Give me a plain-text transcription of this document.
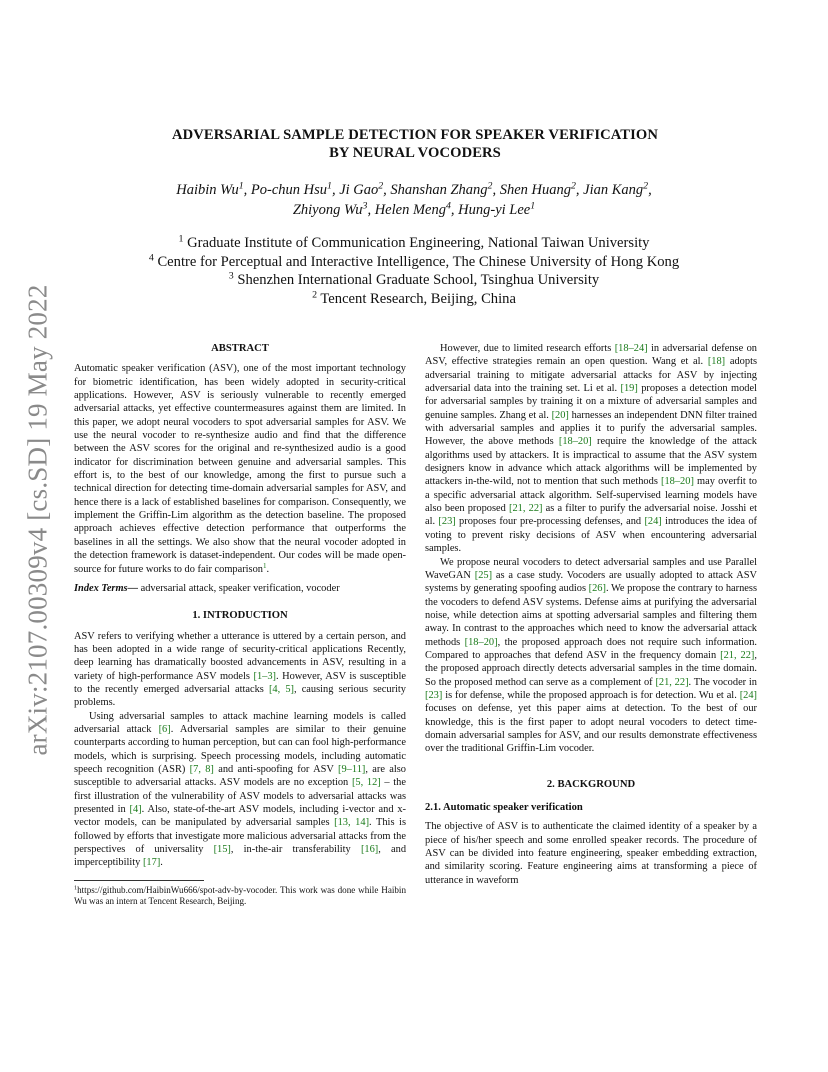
arXiv:2107.00309v4 [cs.SD] 19 May 2022
ADVERSARIAL SAMPLE DETECTION FOR SPEAKER VERIFICATION
BY NEURAL VOCODERS
Haibin Wu$^1$, Po-chun Hsu$^1$, Ji Gao$^2$, Shanshan Zhang$^2$, Shen Huang$^2$, Jian Kang$^2$,
Zhiyong Wu$^3$, Helen Meng$^4$, Hung-yi Lee$^1$
$^1$ Graduate Institute of Communication Engineering, National Taiwan University
$^4$ Centre for Perceptual and Interactive Intelligence, The Chinese University of Hong Kong
$^3$ Shenzhen International Graduate School, Tsinghua University
$^2$ Tencent Research, Beijing, China
ABSTRACT

Automatic speaker verification (ASV), one of the most important technology for biometric identification, has been widely adopted in security-critical applications. However, ASV is seriously vulnerable to recently emerged adversarial attacks, yet effective countermeasures against them are limited. In this paper, we adopt neural vocoders to spot adversarial samples for ASV. We use the neural vocoder to re-synthesize audio and find that the difference between the ASV scores for the original and re-synthesized audio is a good indicator for discrimination between genuine and adversarial samples. This effort is, to the best of our knowledge, among the first to pursue such a technical direction for detecting time-domain adversarial samples for ASV, and hence there is a lack of established baselines for comparison. Consequently, we implement the Griffin-Lim algorithm as the detection baseline. The proposed approach achieves effective detection performance that outperforms the baselines in all the settings. We also show that the neural vocoder adopted in the detection framework is dataset-independent. Our codes will be made open-source for future works to do fair comparison$^1$.

Index Terms— adversarial attack, speaker verification, vocoder

1. INTRODUCTION

ASV refers to verifying whether a utterance is uttered by a certain person, and has been adopted in a wide range of security-critical applications Recently, deep learning has dramatically boosted advancements in ASV, resulting in a variety of high-performance ASV models [1–3]. However, ASV is susceptible to the recently emerged adversarial attacks [4, 5], causing serious security problems.

Using adversarial samples to attack machine learning models is called adversarial attack [6]. Adversarial samples are similar to their genuine counterparts according to human perception, but can can fool high-performance models, which is surprising. Speech processing models, including automatic speech recognition (ASR) [7, 8] and anti-spoofing for ASV [9–11], are also susceptible to adversarial attacks. ASV models are no exception [5, 12] – the first illustration of the vulnerability of ASV models to adversarial attacks was presented in [4]. Also, state-of-the-art ASV models, including i-vector and x-vector models, can be manipulated by adversarial samples [13, 14]. This is followed by efforts that investigate more malicious adversarial attacks from the perspectives of universality [15], in-the-air transferability [16], and imperceptibility [17].

$^1$https://github.com/HaibinWu666/spot-adv-by-vocoder. This work was done while Haibin Wu was an intern at Tencent Research, Beijing.

However, due to limited research efforts [18–24] in adversarial defense on ASV, effective strategies remain an open question. Wang et al. [18] adopts adversarial training to mitigate adversarial attacks for ASV by injecting adversarial data into the training set. Li et al. [19] proposes a detection model for adversarial samples by training it on a mixture of adversarial samples and genuine samples. Zhang et al. [20] harnesses an independent DNN filter trained with adversarial samples and applies it to purify the adversarial samples. However, the above methods [18–20] require the knowledge of the attack algorithms used by attackers. It is impractical to assume that the ASV system designers know in advance which attack algorithms will be implemented by attackers in-the-wild, not to mention that such methods [18–20] may overfit to a specific adversarial attack algorithm. Self-supervised learning models have also been proposed [21, 22] as a filter to purify the adversarial noise. Josshi et al. [23] proposes four pre-processing defenses, and [24] introduces the idea of voting to prevent risky decisions of ASV when encountering adversarial samples.

We propose neural vocoders to detect adversarial samples and use Parallel WaveGAN [25] as a case study. Vocoders are usually adopted to attack ASV systems by generating spoofing audios [26]. We propose the contrary to harness the vocoders to defend ASV systems. Defense aims at purifying the adversarial noise, while detection aims at spotting adversarial samples and filtering them away. In contrast to the approaches which need to know the adversarial attack methods [18–20], the proposed approach does not require such information. Compared to approaches that defend ASV in the frequency domain [21, 22], the proposed approach directly detects adversarial samples in the time domain. So the proposed method can serve as a complement of [21, 22]. The vocoder in [23] is for defense, while the proposed approach is for detection. Wu et al. [24] focuses on defense, yet this paper aims at detection. To the best of our knowledge, this is the first paper to adopt neural vocoders to detect time-domain adversarial samples for ASV, and our results demonstrate effectiveness over the traditional Griffin-Lim vocoder.

2. BACKGROUND
2.1. Automatic speaker verification

The objective of ASV is to authenticate the claimed identity of a speaker by a piece of his/her speech and some enrolled speaker records. The procedure of ASV can be divided into feature engineering, speaker embedding extraction, and similarity scoring. Feature engineering aims at transforming a piece of utterance in waveform
